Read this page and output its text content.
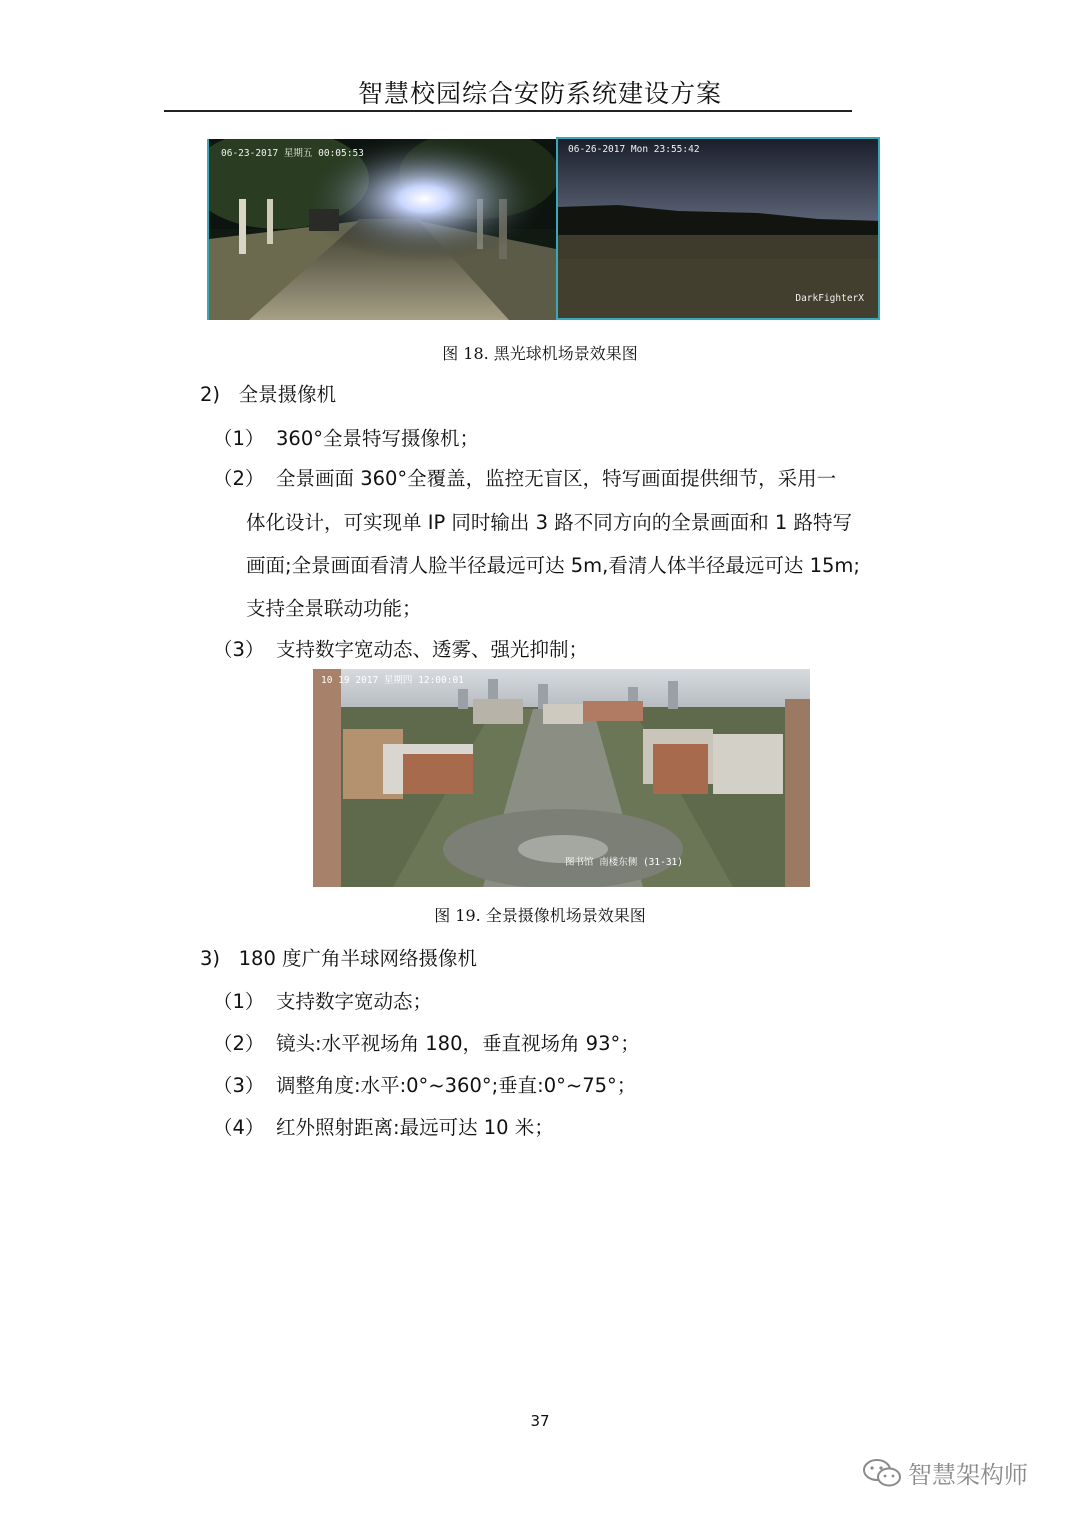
智慧校园综合安防系统建设方案
06-23-2017 星期五 00:05:53	06-26-2017 Mon 23:55:42
DarkFighterX
图 18. 黑光球机场景效果图
2) 全景摄像机
（1） 360°全景特写摄像机；
（2） 全景画面 360°全覆盖，监控无盲区，特写画面提供细节，采用一
体化设计，可实现单 IP 同时输出 3 路不同方向的全景画面和 1 路特写
画面;全景画面看清人脸半径最远可达 5m,看清人体半径最远可达 15m;
支持全景联动功能；
（3） 支持数字宽动态、透雾、强光抑制；
10 19 2017 星期四 12:00:01
图书馆 南楼东侧 (31-31)
图 19. 全景摄像机场景效果图
3) 180 度广角半球网络摄像机
（1） 支持数字宽动态；
（2） 镜头:水平视场角 180，垂直视场角 93°；
（3） 调整角度:水平:0°~360°;垂直:0°~75°；
（4） 红外照射距离:最远可达 10 米；
37
智慧架构师
